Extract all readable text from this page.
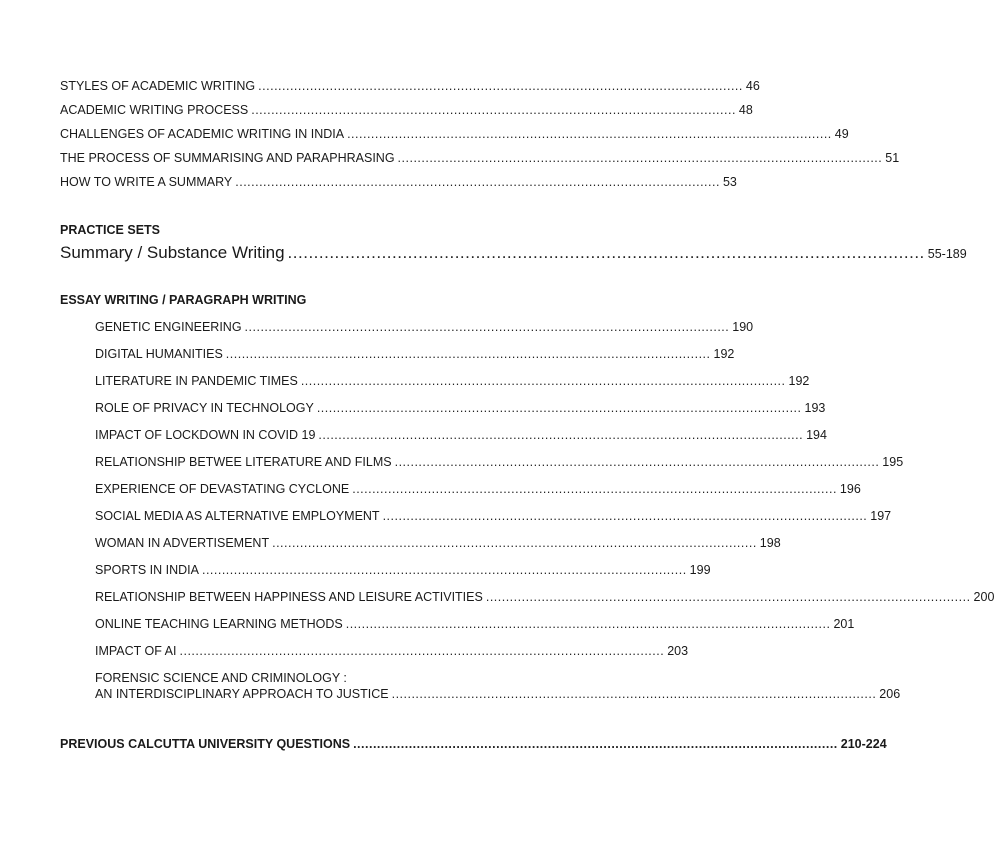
STYLES OF ACADEMIC WRITING .......................................................................................................................... 46
ACADEMIC WRITING PROCESS .......................................................................................................................... 48
CHALLENGES OF ACADEMIC WRITING IN INDIA .......................................................................................................................... 49
THE PROCESS OF SUMMARISING AND PARAPHRASING .......................................................................................................................... 51
HOW TO WRITE A SUMMARY .......................................................................................................................... 53
PRACTICE SETS
Summary / Substance Writing .......................................................................................................................... 55-189
ESSAY WRITING / PARAGRAPH WRITING
GENETIC ENGINEERING .......................................................................................................................... 190
DIGITAL HUMANITIES .......................................................................................................................... 192
LITERATURE IN PANDEMIC TIMES .......................................................................................................................... 192
ROLE OF PRIVACY IN TECHNOLOGY .......................................................................................................................... 193
IMPACT OF LOCKDOWN IN COVID 19 .......................................................................................................................... 194
RELATIONSHIP BETWEE LITERATURE AND FILMS .......................................................................................................................... 195
EXPERIENCE OF DEVASTATING CYCLONE .......................................................................................................................... 196
SOCIAL MEDIA AS ALTERNATIVE EMPLOYMENT .......................................................................................................................... 197
WOMAN IN ADVERTISEMENT .......................................................................................................................... 198
SPORTS IN INDIA .......................................................................................................................... 199
RELATIONSHIP BETWEEN HAPPINESS AND LEISURE ACTIVITIES .......................................................................................................................... 200
ONLINE TEACHING LEARNING METHODS .......................................................................................................................... 201
IMPACT OF AI .......................................................................................................................... 203
FORENSIC SCIENCE AND CRIMINOLOGY :
AN INTERDISCIPLINARY APPROACH TO JUSTICE .......................................................................................................................... 206
PREVIOUS CALCUTTA UNIVERSITY QUESTIONS .......................................................................................................................... 210-224
